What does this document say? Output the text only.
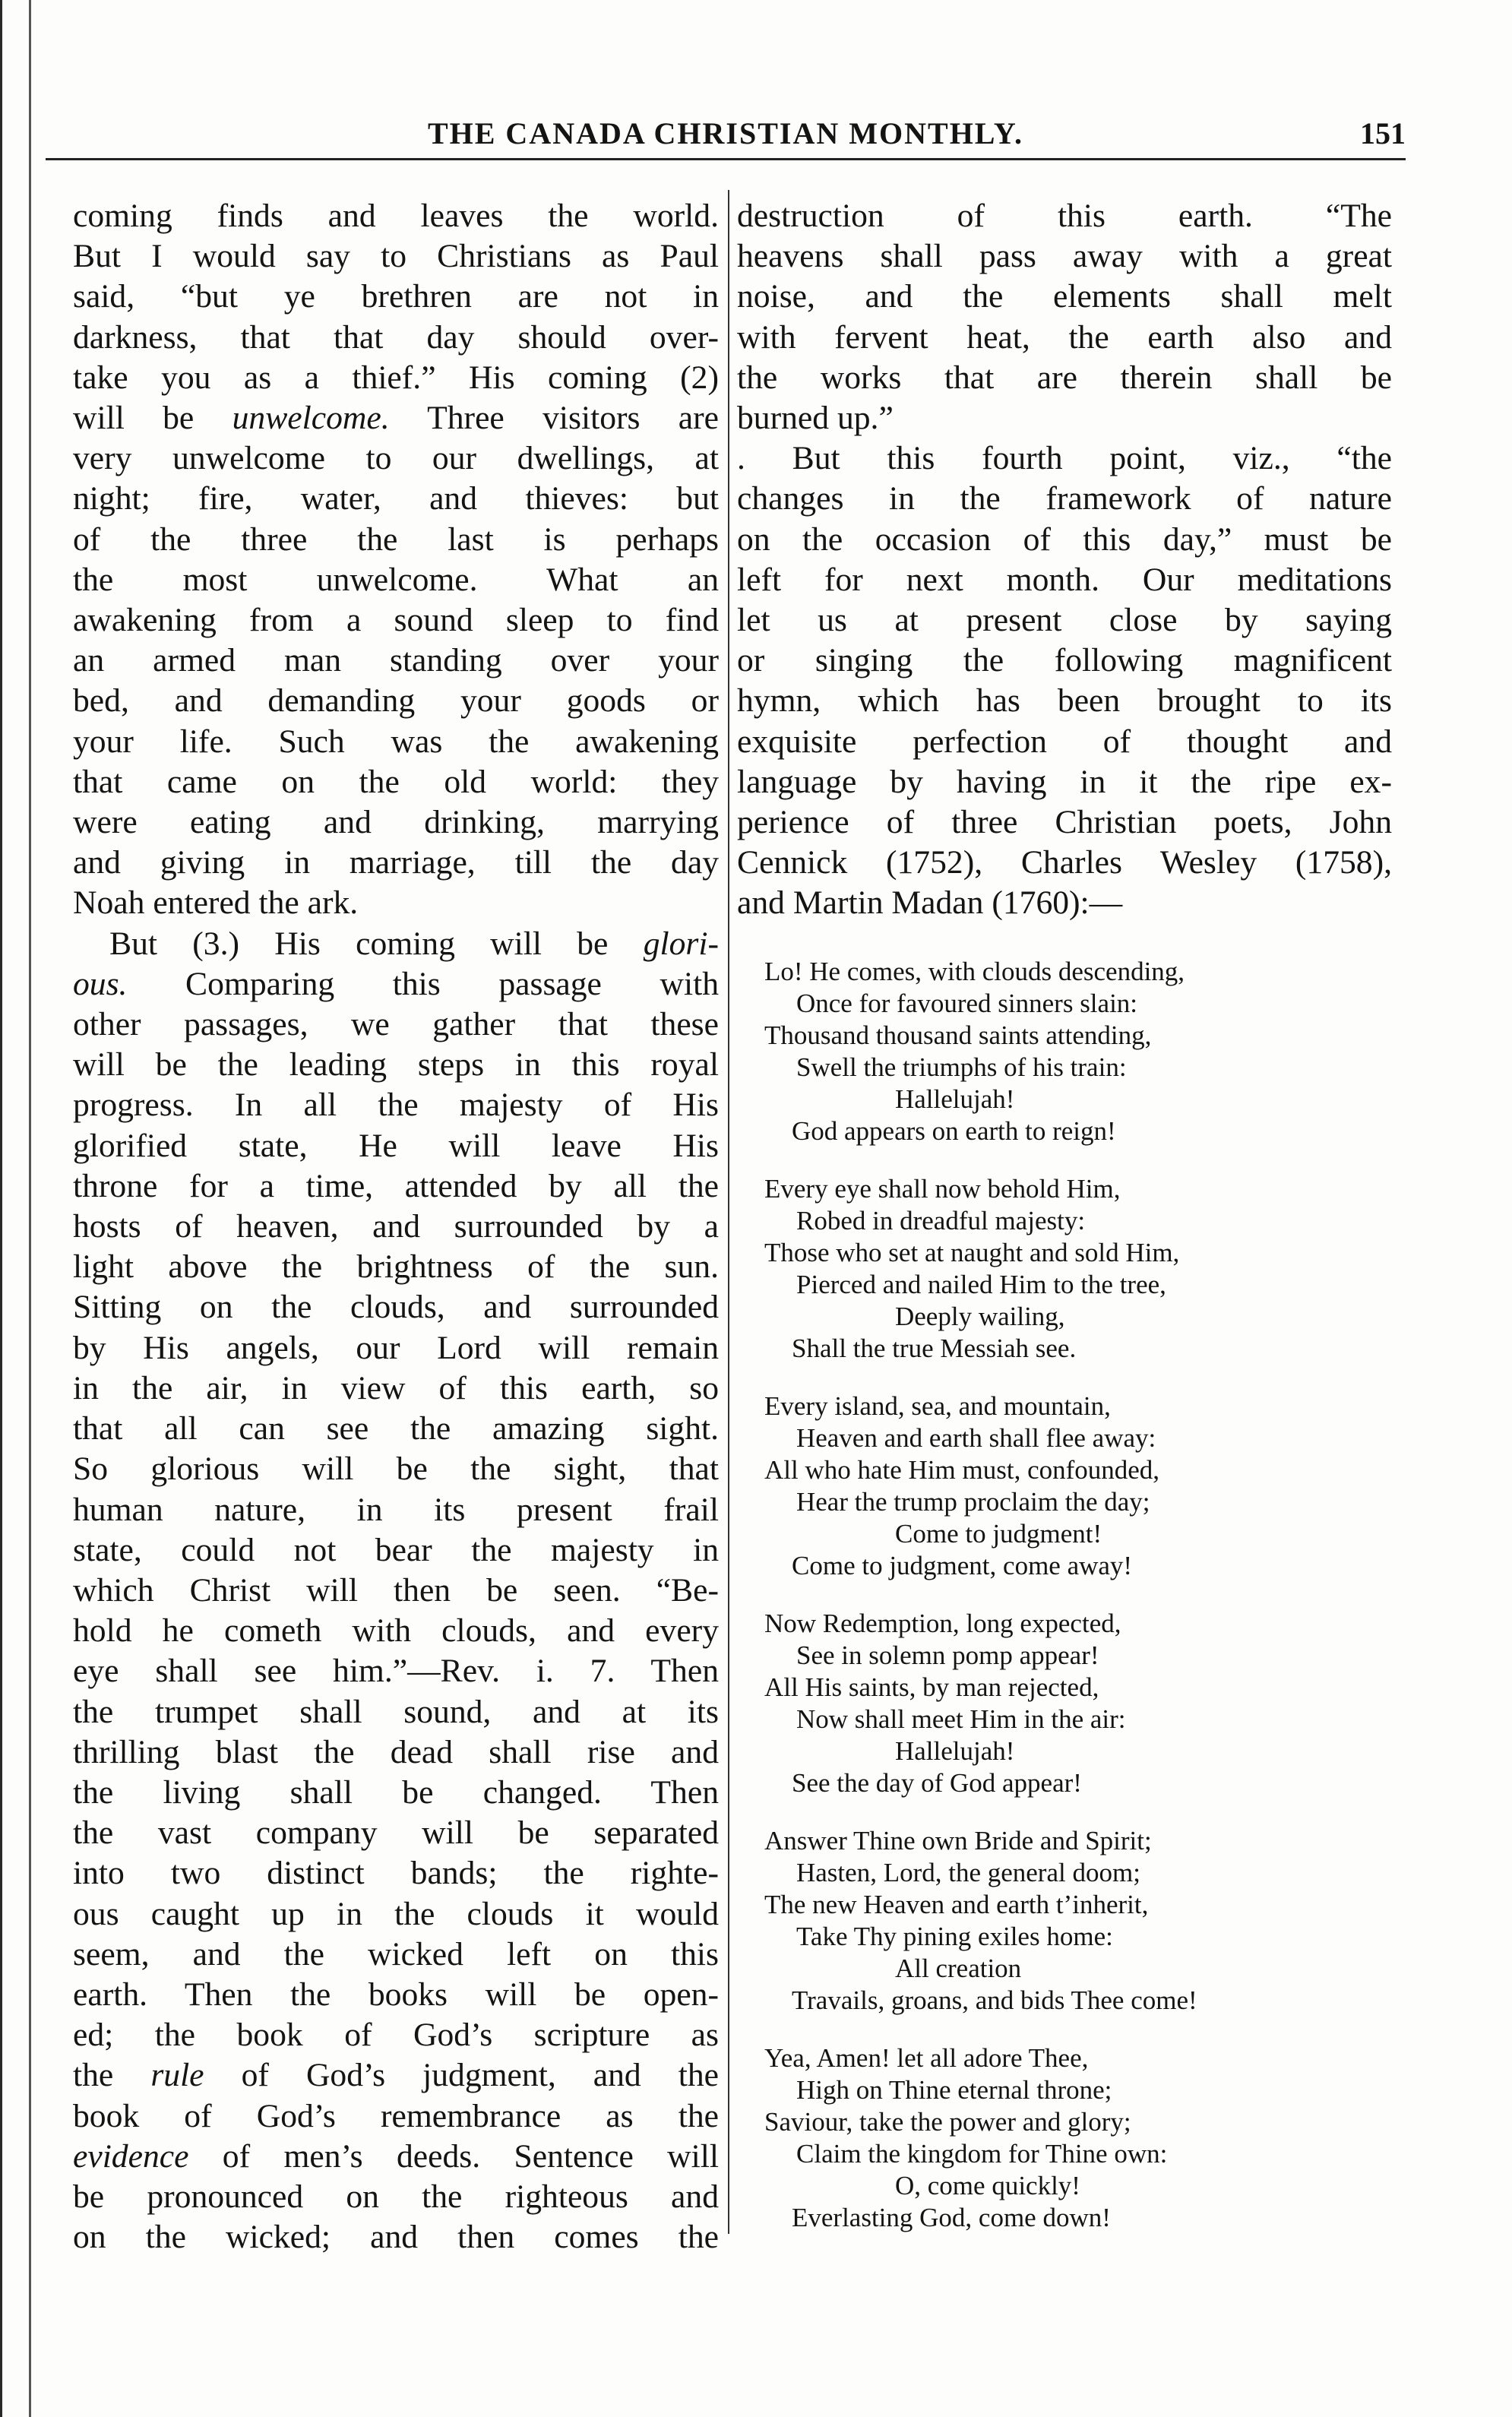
THE CANADA CHRISTIAN MONTHLY.	151

coming finds and leaves the world.

But I would say to Christians as Paul

said, “but ye brethren are not in

darkness, that that day should over-

take you as a thief.” His coming (2)

will be unwelcome. Three visitors are

very unwelcome to our dwellings, at

night; fire, water, and thieves: but

of the three the last is perhaps

the most unwelcome. What an

awakening from a sound sleep to find

an armed man standing over your

bed, and demanding your goods or

your life. Such was the awakening

that came on the old world: they

were eating and drinking, marrying

and giving in marriage, till the day

Noah entered the ark.

But (3.) His coming will be glori-

ous. Comparing this passage with

other passages, we gather that these

will be the leading steps in this royal

progress. In all the majesty of His

glorified state, He will leave His

throne for a time, attended by all the

hosts of heaven, and surrounded by a

light above the brightness of the sun.

Sitting on the clouds, and surrounded

by His angels, our Lord will remain

in the air, in view of this earth, so

that all can see the amazing sight.

So glorious will be the sight, that

human nature, in its present frail

state, could not bear the majesty in

which Christ will then be seen. “Be-

hold he cometh with clouds, and every

eye shall see him.”—Rev. i. 7. Then

the trumpet shall sound, and at its

thrilling blast the dead shall rise and

the living shall be changed. Then

the vast company will be separated

into two distinct bands; the righte-

ous caught up in the clouds it would

seem, and the wicked left on this

earth. Then the books will be open-

ed; the book of God’s scripture as

the rule of God’s judgment, and the

book of God’s remembrance as the

evidence of men’s deeds. Sentence will

be pronounced on the righteous and

on the wicked; and then comes the

destruction of this earth. “The

heavens shall pass away with a great

noise, and the elements shall melt

with fervent heat, the earth also and

the works that are therein shall be

burned up.”

. But this fourth point, viz., “the

changes in the framework of nature

on the occasion of this day,” must be

left for next month. Our meditations

let us at present close by saying

or singing the following magnificent

hymn, which has been brought to its

exquisite perfection of thought and

language by having in it the ripe ex-

perience of three Christian poets, John

Cennick (1752), Charles Wesley (1758),

and Martin Madan (1760):—

Lo! He comes, with clouds descending,
Once for favoured sinners slain:
Thousand thousand saints attending,
Swell the triumphs of his train:
Hallelujah!
God appears on earth to reign!
Every eye shall now behold Him,
Robed in dreadful majesty:
Those who set at naught and sold Him,
Pierced and nailed Him to the tree,
Deeply wailing,
Shall the true Messiah see.
Every island, sea, and mountain,
Heaven and earth shall flee away:
All who hate Him must, confounded,
Hear the trump proclaim the day;
Come to judgment!
Come to judgment, come away!
Now Redemption, long expected,
See in solemn pomp appear!
All His saints, by man rejected,
Now shall meet Him in the air:
Hallelujah!
See the day of God appear!
Answer Thine own Bride and Spirit;
Hasten, Lord, the general doom;
The new Heaven and earth t’inherit,
Take Thy pining exiles home:
All creation
Travails, groans, and bids Thee come!
Yea, Amen! let all adore Thee,
High on Thine eternal throne;
Saviour, take the power and glory;
Claim the kingdom for Thine own:
O, come quickly!
Everlasting God, come down!
